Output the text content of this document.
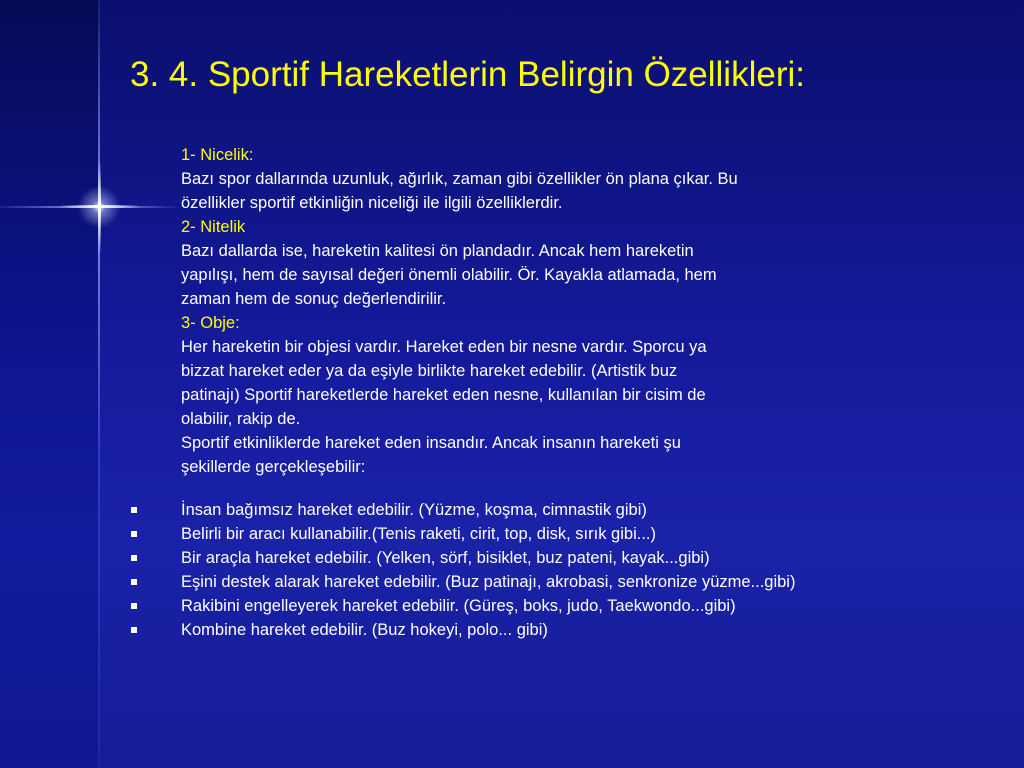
3. 4. Sportif Hareketlerin Belirgin Özellikleri:

1- Nicelik:

Bazı spor dallarında uzunluk, ağırlık, zaman gibi özellikler ön plana çıkar. Bu

özellikler sportif etkinliğin niceliği ile ilgili özelliklerdir.

2- Nitelik

Bazı dallarda ise, hareketin kalitesi ön plandadır. Ancak hem hareketin

yapılışı, hem de sayısal değeri önemli olabilir. Ör. Kayakla atlamada, hem

zaman hem de sonuç değerlendirilir.

3- Obje:

Her hareketin bir objesi vardır. Hareket eden bir nesne vardır. Sporcu ya

bizzat hareket eder ya da eşiyle birlikte hareket edebilir. (Artistik buz

patinajı) Sportif hareketlerde hareket eden nesne, kullanılan bir cisim de

olabilir, rakip de.

Sportif etkinliklerde hareket eden insandır. Ancak insanın hareketi şu

şekillerde gerçekleşebilir:

İnsan bağımsız hareket edebilir. (Yüzme, koşma, cimnastik gibi)
Belirli bir aracı kullanabilir.(Tenis raketi, cirit, top, disk, sırık gibi...)
Bir araçla hareket edebilir. (Yelken, sörf, bisiklet, buz pateni, kayak...gibi)
Eşini destek alarak hareket edebilir. (Buz patinajı, akrobasi, senkronize yüzme...gibi)
Rakibini engelleyerek hareket edebilir. (Güreş, boks, judo, Taekwondo...gibi)
Kombine hareket edebilir. (Buz hokeyi, polo... gibi)
